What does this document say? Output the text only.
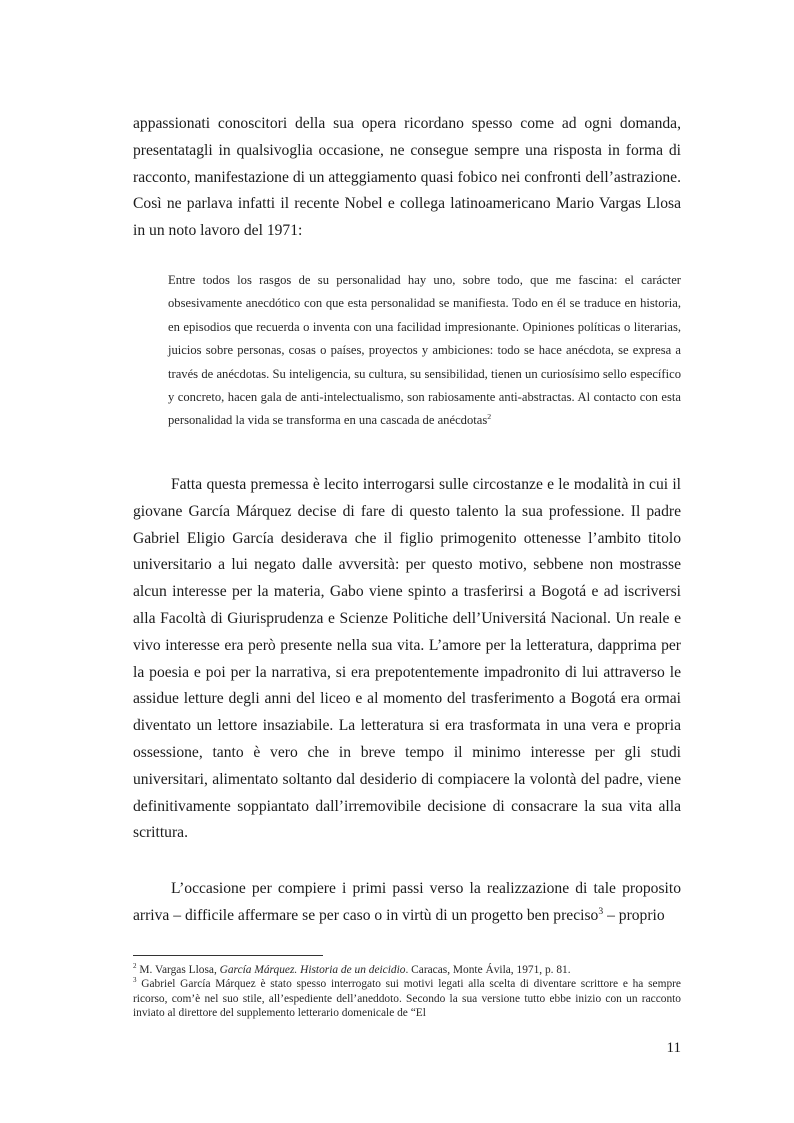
appassionati conoscitori della sua opera ricordano spesso come ad ogni domanda, presentatagli in qualsivoglia occasione, ne consegue sempre una risposta in forma di racconto, manifestazione di un atteggiamento quasi fobico nei confronti dell’astrazione. Così ne parlava infatti il recente Nobel e collega latinoamericano Mario Vargas Llosa in un noto lavoro del 1971:

Entre todos los rasgos de su personalidad hay uno, sobre todo, que me fascina: el carácter obsesivamente anecdótico con que esta personalidad se manifiesta. Todo en él se traduce en historia, en episodios que recuerda o inventa con una facilidad impresionante. Opiniones políticas o literarias, juicios sobre personas, cosas o países, proyectos y ambiciones: todo se hace anécdota, se expresa a través de anécdotas. Su inteligencia, su cultura, su sensibilidad, tienen un curiosísimo sello específico y concreto, hacen gala de anti-intelectualismo, son rabiosamente anti-abstractas. Al contacto con esta personalidad la vida se transforma en una cascada de anécdotas$^2$

Fatta questa premessa è lecito interrogarsi sulle circostanze e le modalità in cui il giovane García Márquez decise di fare di questo talento la sua professione. Il padre Gabriel Eligio García desiderava che il figlio primogenito ottenesse l’ambito titolo universitario a lui negato dalle avversità: per questo motivo, sebbene non mostrasse alcun interesse per la materia, Gabo viene spinto a trasferirsi a Bogotá e ad iscriversi alla Facoltà di Giurisprudenza e Scienze Politiche dell’Universitá Nacional. Un reale e vivo interesse era però presente nella sua vita. L’amore per la letteratura, dapprima per la poesia e poi per la narrativa, si era prepotentemente impadronito di lui attraverso le assidue letture degli anni del liceo e al momento del trasferimento a Bogotá era ormai diventato un lettore insaziabile. La letteratura si era trasformata in una vera e propria ossessione, tanto è vero che in breve tempo il minimo interesse per gli studi universitari, alimentato soltanto dal desiderio di compiacere la volontà del padre, viene definitivamente soppiantato dall’irremovibile decisione di consacrare la sua vita alla scrittura.

L’occasione per compiere i primi passi verso la realizzazione di tale proposito arriva – difficile affermare se per caso o in virtù di un progetto ben preciso$^3$ – proprio

$^2$ M. Vargas Llosa, García Márquez. Historia de un deicidio. Caracas, Monte Ávila, 1971, p. 81.

$^3$ Gabriel García Márquez è stato spesso interrogato sui motivi legati alla scelta di diventare scrittore e ha sempre ricorso, com’è nel suo stile, all’espediente dell’aneddoto. Secondo la sua versione tutto ebbe inizio con un racconto inviato al direttore del supplemento letterario domenicale de “El

11
